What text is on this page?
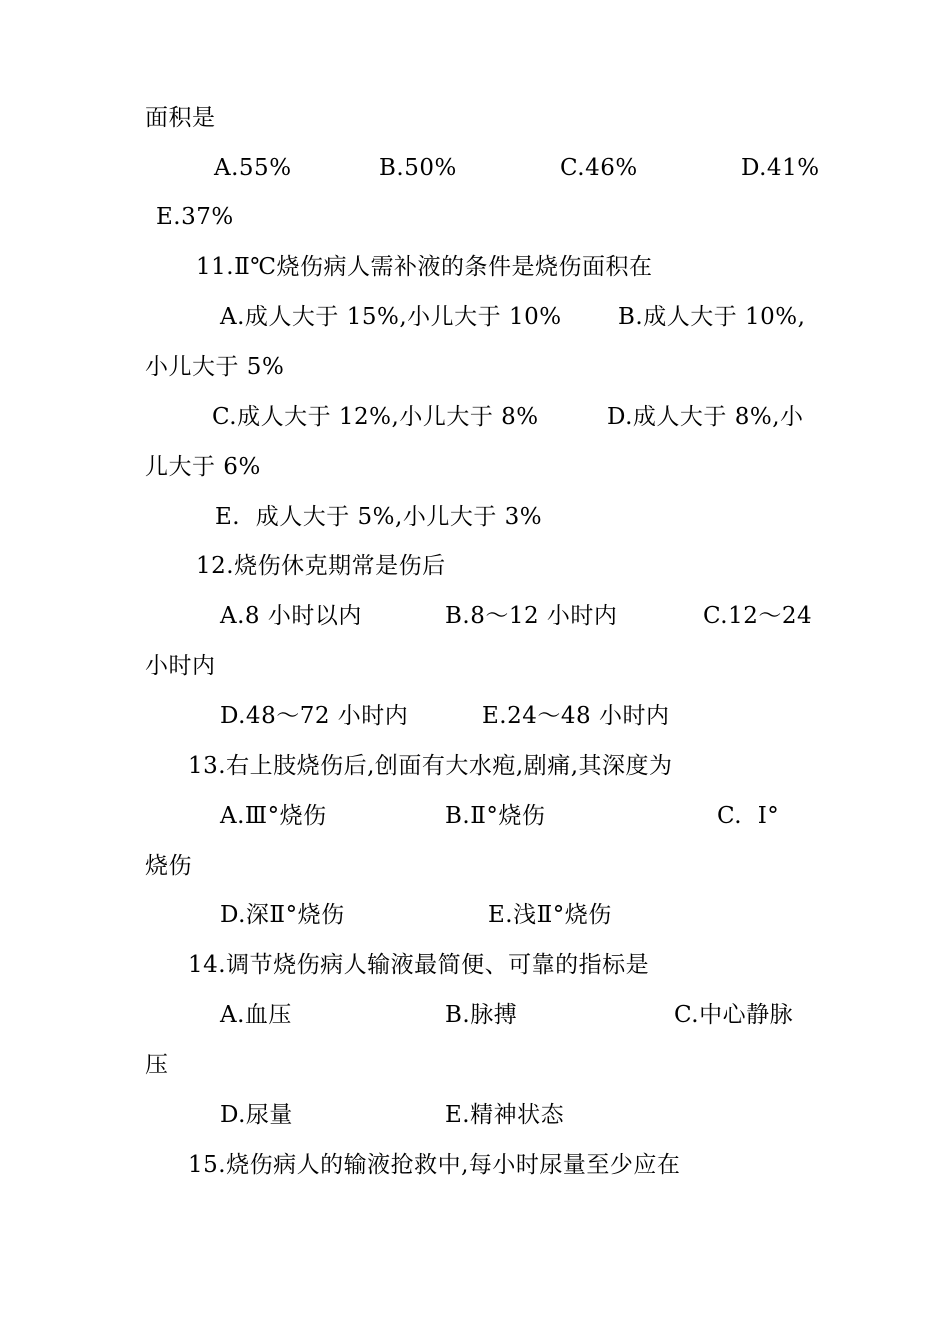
面积是
A.55%	B.50%	C.46%	D.41%
E.37%
11.Ⅱ℃烧伤病人需补液的条件是烧伤面积在
A.成人大于 15%,小儿大于 10% B.成人大于 10%,
小儿大于 5%
C.成人大于 12%,小儿大于 8%	D.成人大于 8%,小
儿大于 6%
E.  成人大于 5%,小儿大于 3%
12.烧伤休克期常是伤后
A.8 小时以内	B.8～12 小时内	C.12～24
小时内
D.48～72 小时内	E.24～48 小时内
13.右上肢烧伤后,创面有大水疱,剧痛,其深度为
A.Ⅲ°烧伤	B.Ⅱ°烧伤	C.  Ⅰ°
烧伤
D.深Ⅱ°烧伤	E.浅Ⅱ°烧伤
14.调节烧伤病人输液最简便、可靠的指标是
A.血压	B.脉搏	C.中心静脉
压
D.尿量	E.精神状态
15.烧伤病人的输液抢救中,每小时尿量至少应在
